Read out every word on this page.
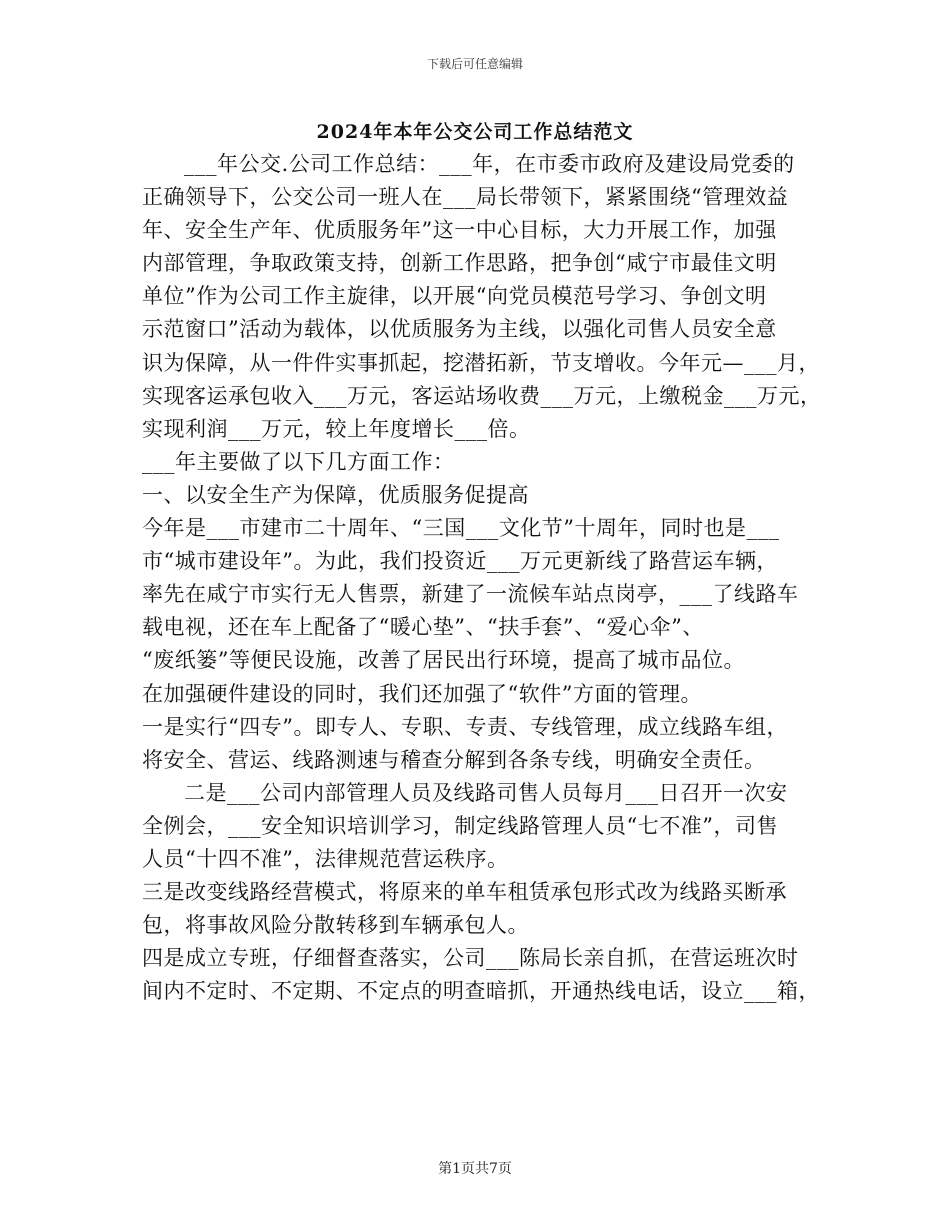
下载后可任意编辑
2024年本年公交公司工作总结范文
___年公交.公司工作总结：___年，在市委市政府及建设局党委的
正确领导下，公交公司一班人在___局长带领下，紧紧围绕“管理效益
年、安全生产年、优质服务年”这一中心目标，大力开展工作，加强
内部管理，争取政策支持，创新工作思路，把争创“咸宁市最佳文明
单位”作为公司工作主旋律，以开展“向党员模范号学习、争创文明
示范窗口”活动为载体，以优质服务为主线，以强化司售人员安全意
识为保障，从一件件实事抓起，挖潜拓新，节支增收。今年元—___月，
实现客运承包收入___万元，客运站场收费___万元，上缴税金___万元，
实现利润___万元，较上年度增长___倍。
___年主要做了以下几方面工作：
一、以安全生产为保障，优质服务促提高
今年是___市建市二十周年、“三国___文化节”十周年，同时也是___
市“城市建设年”。为此，我们投资近___万元更新线了路营运车辆，
率先在咸宁市实行无人售票，新建了一流候车站点岗亭，___了线路车
载电视，还在车上配备了“暖心垫”、“扶手套”、“爱心伞”、
“废纸篓”等便民设施，改善了居民出行环境，提高了城市品位。
在加强硬件建设的同时，我们还加强了“软件”方面的管理。
一是实行“四专”。即专人、专职、专责、专线管理，成立线路车组，
将安全、营运、线路测速与稽查分解到各条专线，明确安全责任。
二是___公司内部管理人员及线路司售人员每月___日召开一次安
全例会，___安全知识培训学习，制定线路管理人员“七不准”，司售
人员“十四不准”，法律规范营运秩序。
三是改变线路经营模式，将原来的单车租赁承包形式改为线路买断承
包，将事故风险分散转移到车辆承包人。
四是成立专班，仔细督查落实，公司___陈局长亲自抓，在营运班次时
间内不定时、不定期、不定点的明查暗抓，开通热线电话，设立___箱，
第1页共7页
